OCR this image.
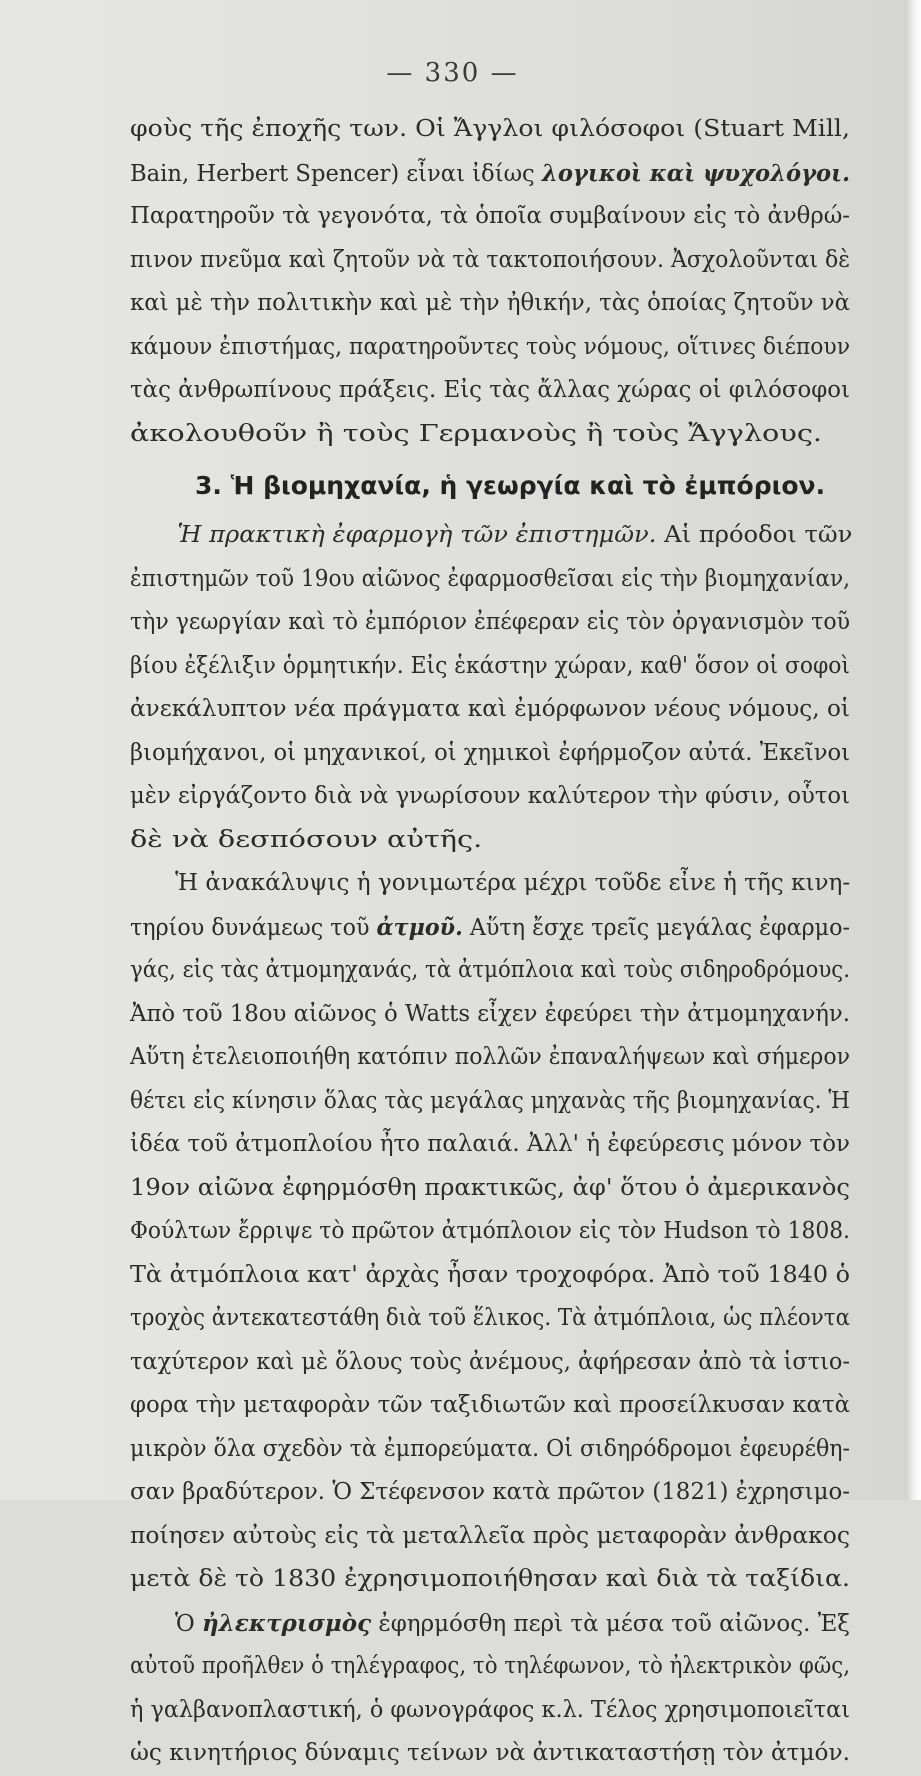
— 330 —
φοὺς τῆς ἐποχῆς των. Οἱ Ἄγγλοι φιλόσοφοι (Stuart Mill,
Bain, Herbert Spencer) εἶναι ἰδίως λογικοὶ καὶ ψυχολόγοι.
Παρατηροῦν τὰ γεγονότα, τὰ ὁποῖα συμβαίνουν εἰς τὸ ἀνθρώ-
πινον πνεῦμα καὶ ζητοῦν νὰ τὰ τακτοποιήσουν. Ἀσχολοῦνται δὲ
καὶ μὲ τὴν πολιτικὴν καὶ μὲ τὴν ἠθικήν, τὰς ὁποίας ζητοῦν νὰ
κάμουν ἐπιστήμας, παρατηροῦντες τοὺς νόμους, οἵτινες διέπουν
τὰς ἀνθρωπίνους πράξεις. Εἰς τὰς ἄλλας χώρας οἱ φιλόσοφοι
ἀκολουθοῦν ἢ τοὺς Γερμανοὺς ἢ τοὺς Ἄγγλους.
3. Ἡ βιομηχανία, ἡ γεωργία καὶ τὸ ἐμπόριον.
Ἡ πρακτικὴ ἐφαρμογὴ τῶν ἐπιστημῶν. Αἱ πρόοδοι τῶν
ἐπιστημῶν τοῦ 19ου αἰῶνος ἐφαρμοσθεῖσαι εἰς τὴν βιομηχανίαν,
τὴν γεωργίαν καὶ τὸ ἐμπόριον ἐπέφεραν εἰς τὸν ὀργανισμὸν τοῦ
βίου ἐξέλιξιν ὁρμητικήν. Εἰς ἑκάστην χώραν, καθ' ὅσον οἱ σοφοὶ
ἀνεκάλυπτον νέα πράγματα καὶ ἐμόρφωνον νέους νόμους, οἱ
βιομήχανοι, οἱ μηχανικοί, οἱ χημικοὶ ἐφήρμοζον αὐτά. Ἐκεῖνοι
μὲν εἰργάζοντο διὰ νὰ γνωρίσουν καλύτερον τὴν φύσιν, οὗτοι
δὲ νὰ δεσπόσουν αὐτῆς.
Ἡ ἀνακάλυψις ἡ γονιμωτέρα μέχρι τοῦδε εἶνε ἡ τῆς κινη-
τηρίου δυνάμεως τοῦ ἀτμοῦ. Αὕτη ἔσχε τρεῖς μεγάλας ἐφαρμο-
γάς, εἰς τὰς ἀτμομηχανάς, τὰ ἀτμόπλοια καὶ τοὺς σιδηροδρόμους.
Ἀπὸ τοῦ 18ου αἰῶνος ὁ Watts εἶχεν ἐφεύρει τὴν ἀτμομηχανήν.
Αὕτη ἐτελειοποιήθη κατόπιν πολλῶν ἐπαναλήψεων καὶ σήμερον
θέτει εἰς κίνησιν ὅλας τὰς μεγάλας μηχανὰς τῆς βιομηχανίας. Ἡ
ἰδέα τοῦ ἀτμοπλοίου ἦτο παλαιά. Ἀλλ' ἡ ἐφεύρεσις μόνον τὸν
19ον αἰῶνα ἐφηρμόσθη πρακτικῶς, ἀφ' ὅτου ὁ ἀμερικανὸς
Φούλτων ἔρριψε τὸ πρῶτον ἀτμόπλοιον εἰς τὸν Hudson τὸ 1808.
Τὰ ἀτμόπλοια κατ' ἀρχὰς ἦσαν τροχοφόρα. Ἀπὸ τοῦ 1840 ὁ
τροχὸς ἀντεκατεστάθη διὰ τοῦ ἕλικος. Τὰ ἀτμόπλοια, ὡς πλέοντα
ταχύτερον καὶ μὲ ὅλους τοὺς ἀνέμους, ἀφήρεσαν ἀπὸ τὰ ἱστιο-
φορα τὴν μεταφορὰν τῶν ταξιδιωτῶν καὶ προσείλκυσαν κατὰ
μικρὸν ὅλα σχεδὸν τὰ ἐμπορεύματα. Οἱ σιδηρόδρομοι ἐφευρέθη-
σαν βραδύτερον. Ὁ Στέφενσον κατὰ πρῶτον (1821) ἐχρησιμο-
ποίησεν αὐτοὺς εἰς τὰ μεταλλεῖα πρὸς μεταφορὰν ἀνθρακος
μετὰ δὲ τὸ 1830 ἐχρησιμοποιήθησαν καὶ διὰ τὰ ταξίδια.
Ὁ ἠλεκτρισμὸς ἐφηρμόσθη περὶ τὰ μέσα τοῦ αἰῶνος. Ἐξ
αὐτοῦ προῆλθεν ὁ τηλέγραφος, τὸ τηλέφωνον, τὸ ἠλεκτρικὸν φῶς,
ἡ γαλβανοπλαστική, ὁ φωνογράφος κ.λ. Τέλος χρησιμοποιεῖται
ὡς κινητήριος δύναμις τείνων νὰ ἀντικαταστήσῃ τὸν ἀτμόν.
